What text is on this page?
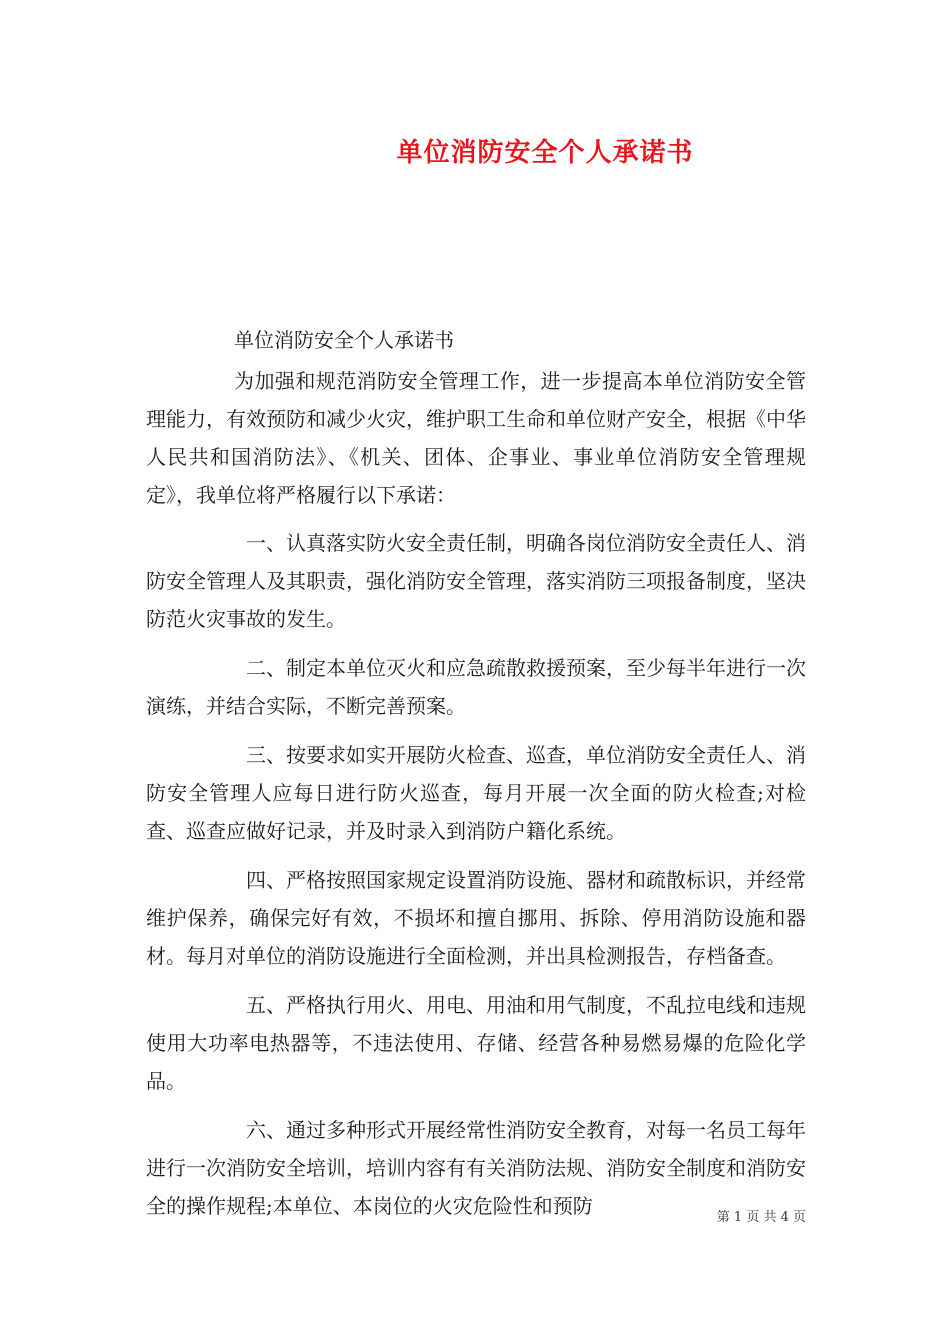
单位消防安全个人承诺书
单位消防安全个人承诺书

为加强和规范消防安全管理工作，进一步提高本单位消防安全管理能力，有效预防和减少火灾，维护职工生命和单位财产安全，根据《中华人民共和国消防法》、《机关、团体、企事业、事业单位消防安全管理规定》，我单位将严格履行以下承诺：

一、认真落实防火安全责任制，明确各岗位消防安全责任人、消防安全管理人及其职责，强化消防安全管理，落实消防三项报备制度，坚决防范火灾事故的发生。

二、制定本单位灭火和应急疏散救援预案，至少每半年进行一次演练，并结合实际，不断完善预案。

三、按要求如实开展防火检查、巡查，单位消防安全责任人、消防安全管理人应每日进行防火巡查，每月开展一次全面的防火检查;对检查、巡查应做好记录，并及时录入到消防户籍化系统。

四、严格按照国家规定设置消防设施、器材和疏散标识，并经常维护保养，确保完好有效，不损坏和擅自挪用、拆除、停用消防设施和器材。每月对单位的消防设施进行全面检测，并出具检测报告，存档备查。

五、严格执行用火、用电、用油和用气制度，不乱拉电线和违规使用大功率电热器等，不违法使用、存储、经营各种易燃易爆的危险化学品。

六、通过多种形式开展经常性消防安全教育，对每一名员工每年进行一次消防安全培训，培训内容有有关消防法规、消防安全制度和消防安全的操作规程;本单位、本岗位的火灾危险性和预防	第 1 页 共 4 页
